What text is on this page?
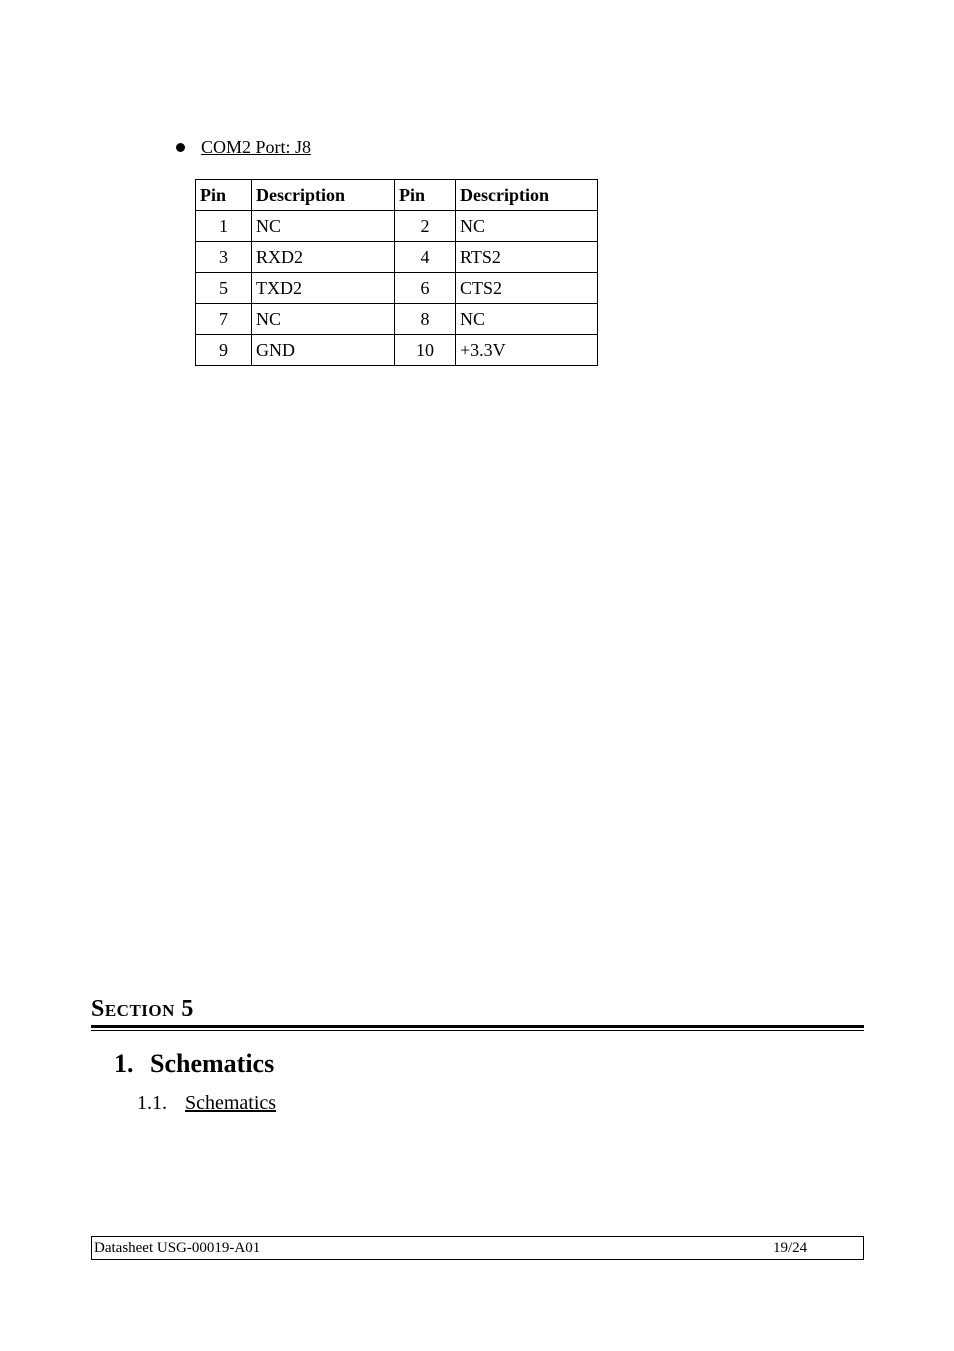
COM2 Port: J8
Pin	Description	Pin	Description
1	NC	2	NC
3	RXD2	4	RTS2
5	TXD2	6	CTS2
7	NC	8	NC
9	GND	10	+3.3V
Section 5
1. Schematics
1.1. Schematics
Datasheet USG-00019-A01	19/24
